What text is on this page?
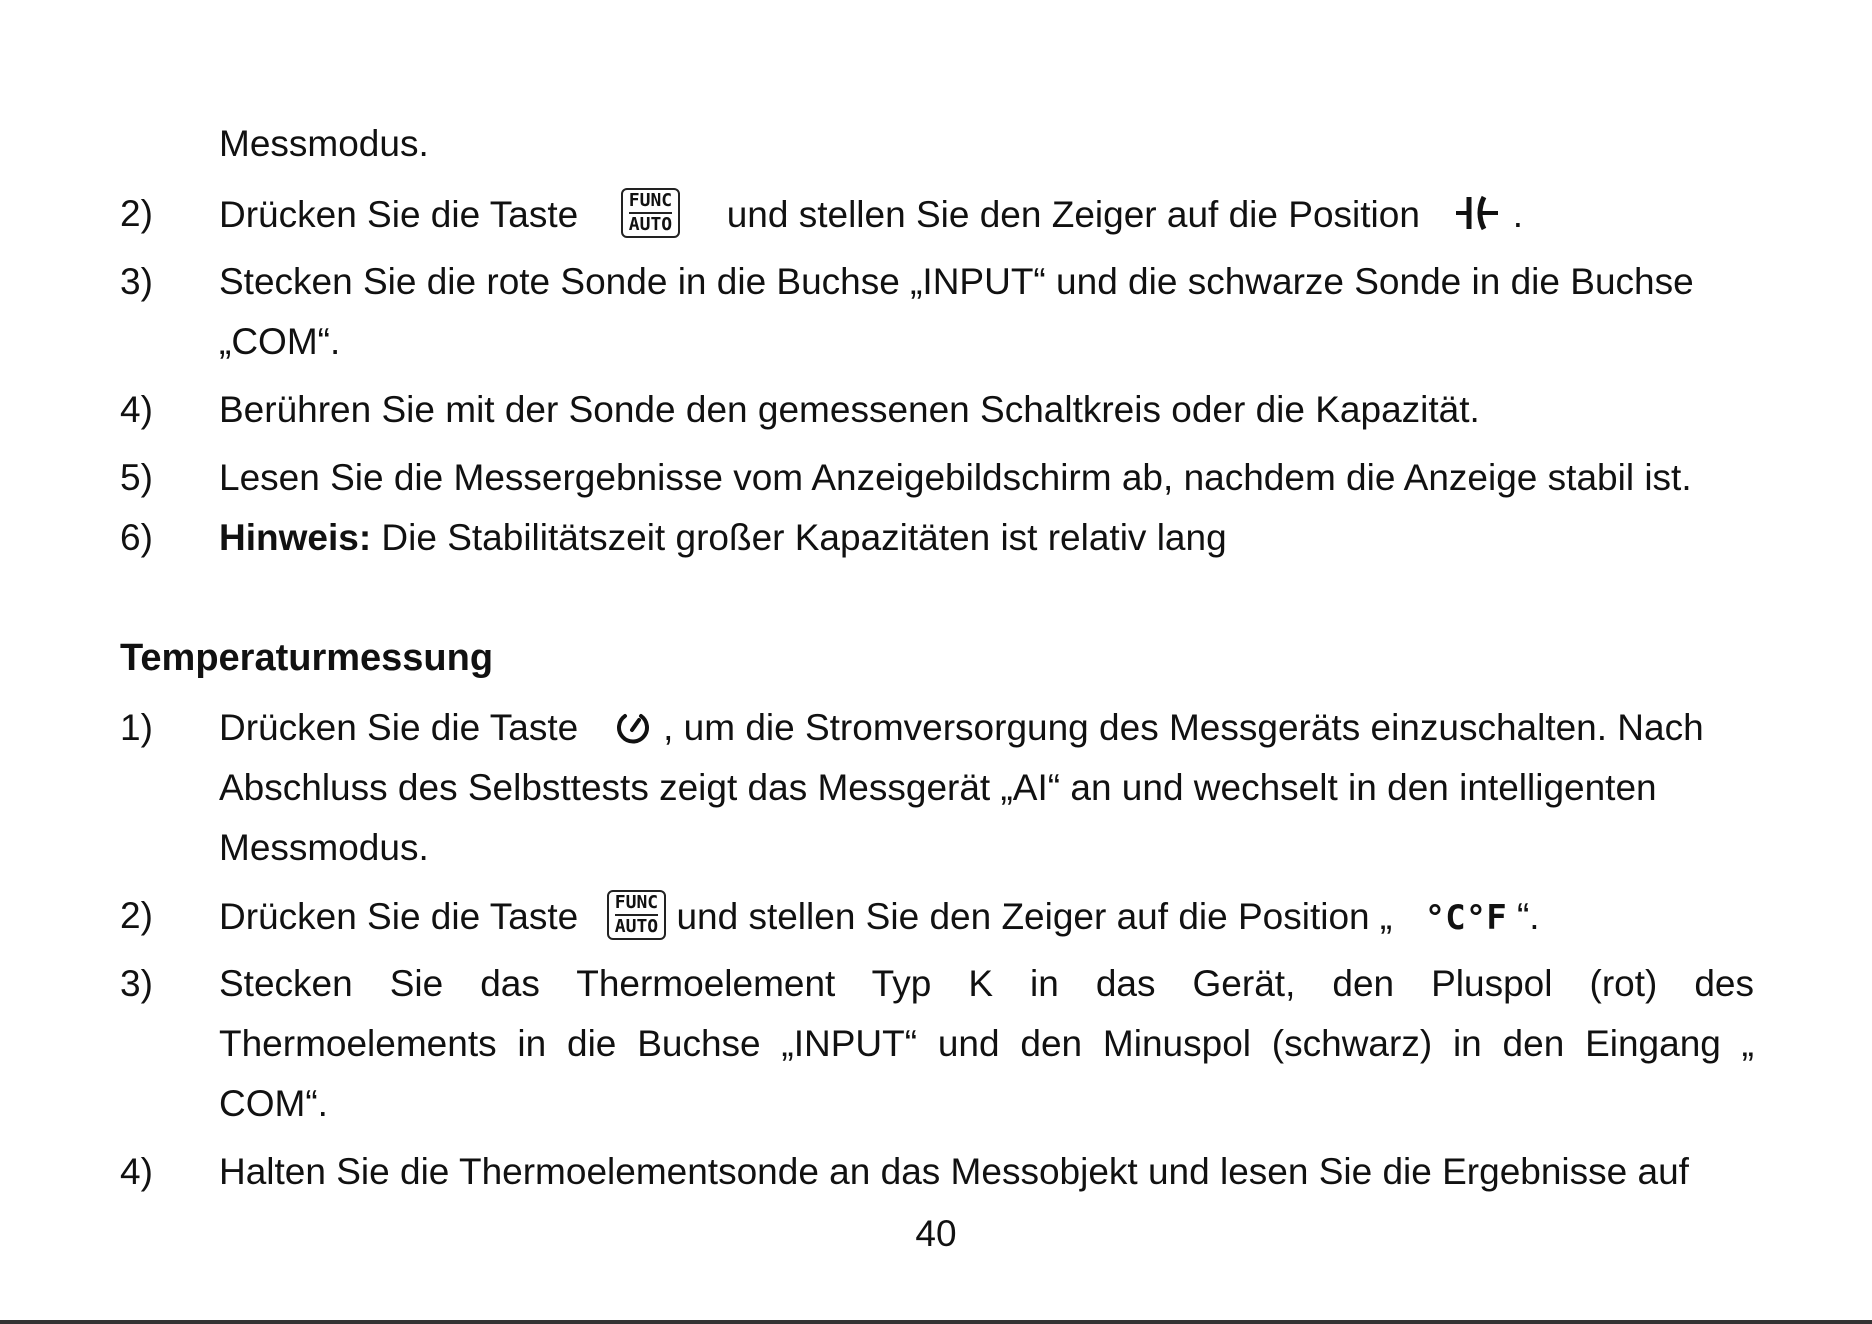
Messmodus.
2) Drücken Sie die Taste	FUNC
AUTO und stellen Sie den Zeiger auf die Position	.
3) Stecken Sie die rote Sonde in die Buchse „INPUT“ und die schwarze Sonde in die Buchse
„COM“.
4) Berühren Sie mit der Sonde den gemessenen Schaltkreis oder die Kapazität.
5) Lesen Sie die Messergebnisse vom Anzeigebildschirm ab, nachdem die Anzeige stabil ist.
6) Hinweis: Die Stabilitätszeit großer Kapazitäten ist relativ lang
Temperaturmessung
1) Drücken Sie die Taste , um die Stromversorgung des Messgeräts einzuschalten. Nach
Abschluss des Selbsttests zeigt das Messgerät „AI“ an und wechselt in den intelligenten
Messmodus.
2) Drücken Sie die Taste FUNC
AUTO und stellen Sie den Zeiger auf die Position „ °C°F “.
3) Stecken Sie das Thermoelement Typ K in das Gerät, den Pluspol (rot) des
Thermoelements in die Buchse „INPUT“ und den Minuspol (schwarz) in den Eingang „
COM“.
4) Halten Sie die Thermoelementsonde an das Messobjekt und lesen Sie die Ergebnisse auf
40
